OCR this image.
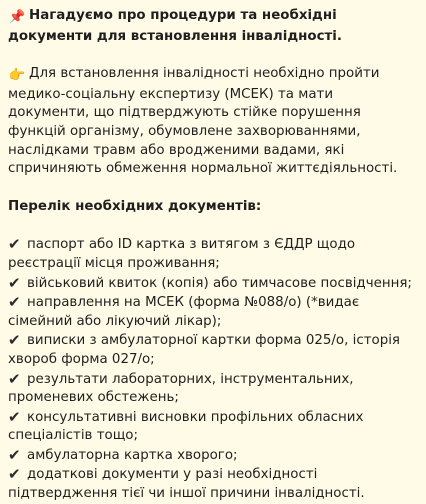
📌 Нагадуємо про процедури та необхідні документи для встановлення інвалідності.

👉 Для встановлення інвалідності необхідно пройти медико-соціальну експертизу (МСЕК) та мати документи, що підтверджують стійке порушення функцій організму, обумовлене захворюваннями, наслідками травм або вродженими вадами, які спричиняють обмеження нормальної життєдіяльності.

Перелік необхідних документів:

✔ паспорт або ID картка з витягом з ЄДДР щодо реєстрації місця проживання;

✔ військовий квиток (копія) або тимчасове посвідчення;

✔ направлення на МСЕК (форма №088/о) (*видає сімейний або лікуючий лікар);

✔ виписки з амбулаторної картки форма 025/о, історія хвороб форма 027/о;

✔ результати лабораторних, інструментальних, променевих обстежень;

✔ консультативні висновки профільних обласних спеціалістів тощо;

✔ амбулаторна картка хворого;

✔ додаткові документи у разі необхідності підтвердження тієї чи іншої причини інвалідності.
